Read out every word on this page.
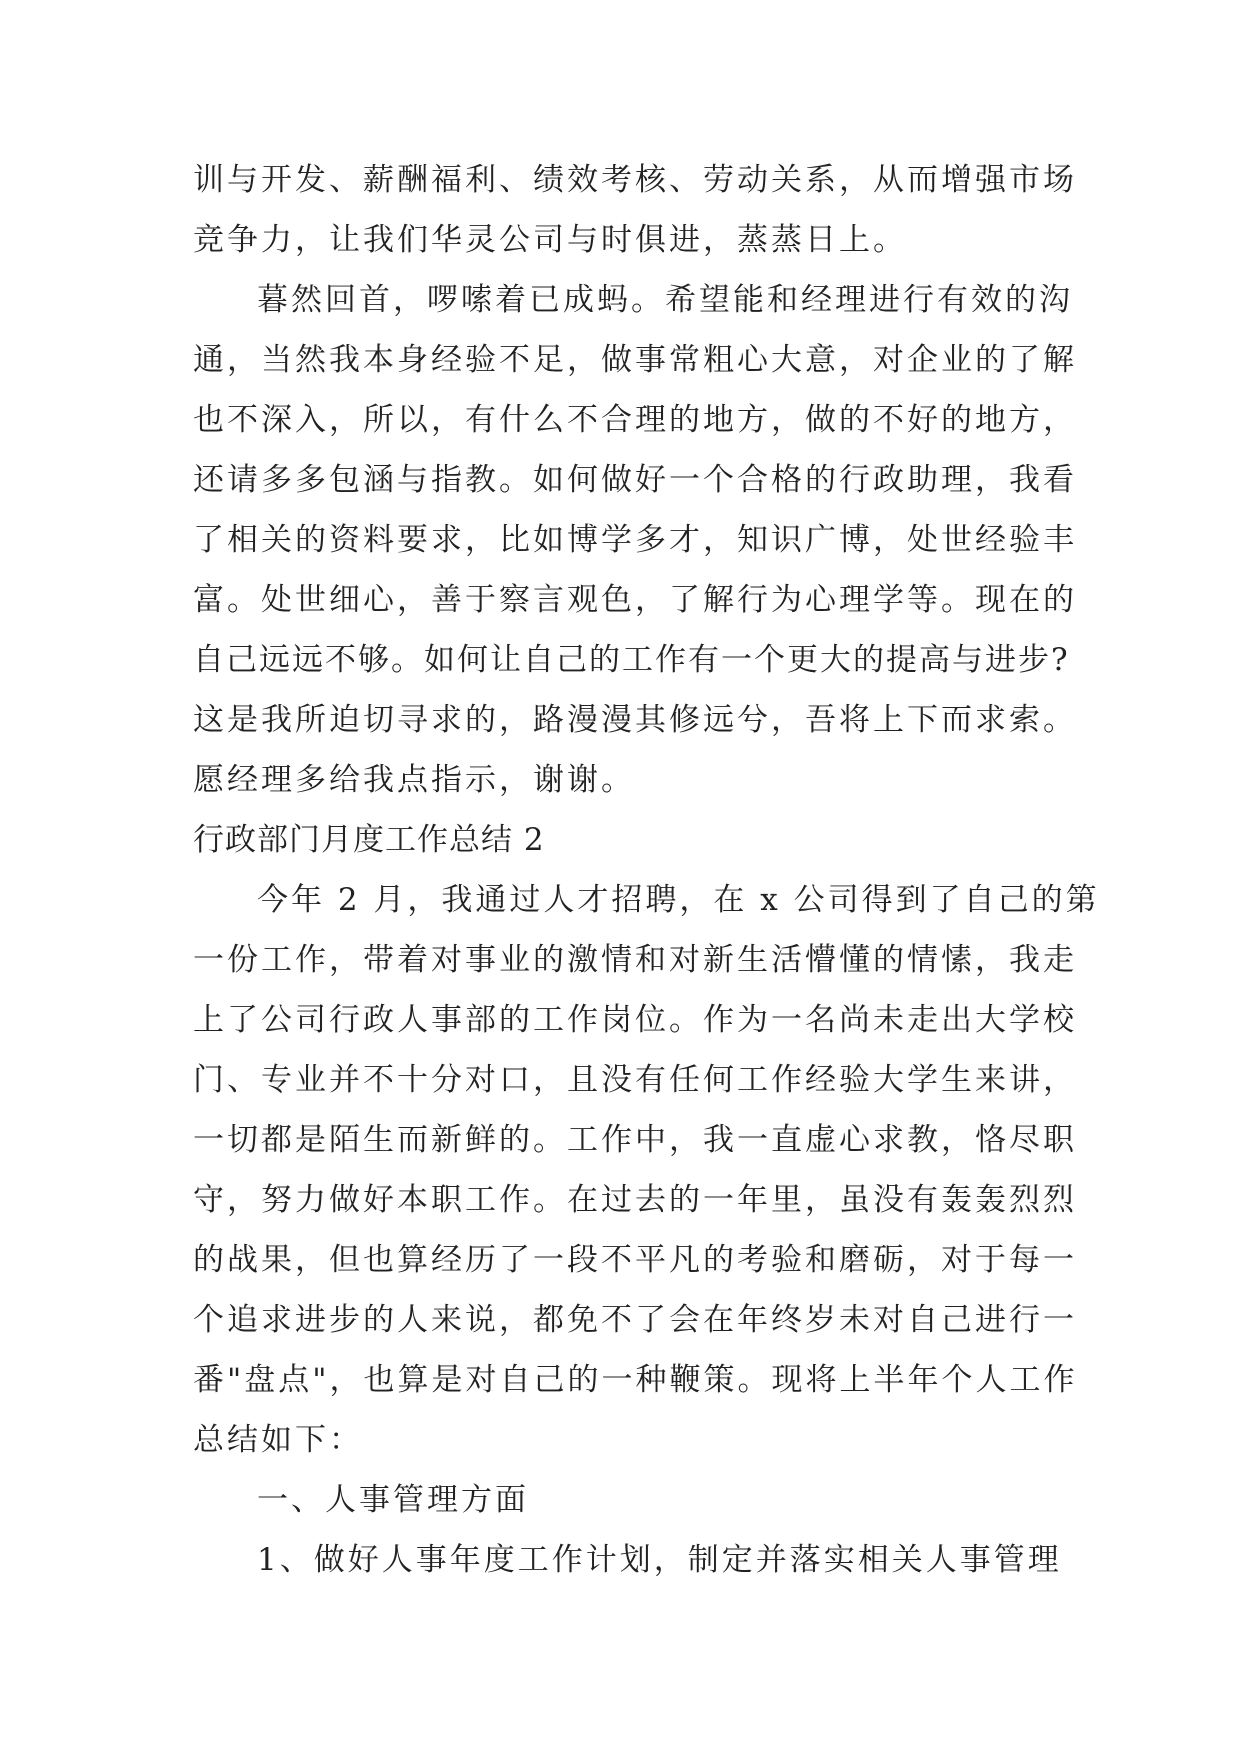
训与开发、薪酬福利、绩效考核、劳动关系，从而增强市场
竞争力，让我们华灵公司与时俱进，蒸蒸日上。
暮然回首，啰嗦着已成蚂。希望能和经理进行有效的沟
通，当然我本身经验不足，做事常粗心大意，对企业的了解
也不深入，所以，有什么不合理的地方，做的不好的地方，
还请多多包涵与指教。如何做好一个合格的行政助理，我看
了相关的资料要求，比如博学多才，知识广博，处世经验丰
富。处世细心，善于察言观色，了解行为心理学等。现在的
自己远远不够。如何让自己的工作有一个更大的提高与进步?
这是我所迫切寻求的，路漫漫其修远兮，吾将上下而求索。
愿经理多给我点指示，谢谢。
行政部门月度工作总结 2
今年 2 月，我通过人才招聘，在 x 公司得到了自己的第
一份工作，带着对事业的激情和对新生活懵懂的情愫，我走
上了公司行政人事部的工作岗位。作为一名尚未走出大学校
门、专业并不十分对口，且没有任何工作经验大学生来讲，
一切都是陌生而新鲜的。工作中，我一直虚心求教，恪尽职
守，努力做好本职工作。在过去的一年里，虽没有轰轰烈烈
的战果，但也算经历了一段不平凡的考验和磨砺，对于每一
个追求进步的人来说，都免不了会在年终岁未对自己进行一
番"盘点"，也算是对自己的一种鞭策。现将上半年个人工作
总结如下：
一、人事管理方面
1、做好人事年度工作计划，制定并落实相关人事管理
